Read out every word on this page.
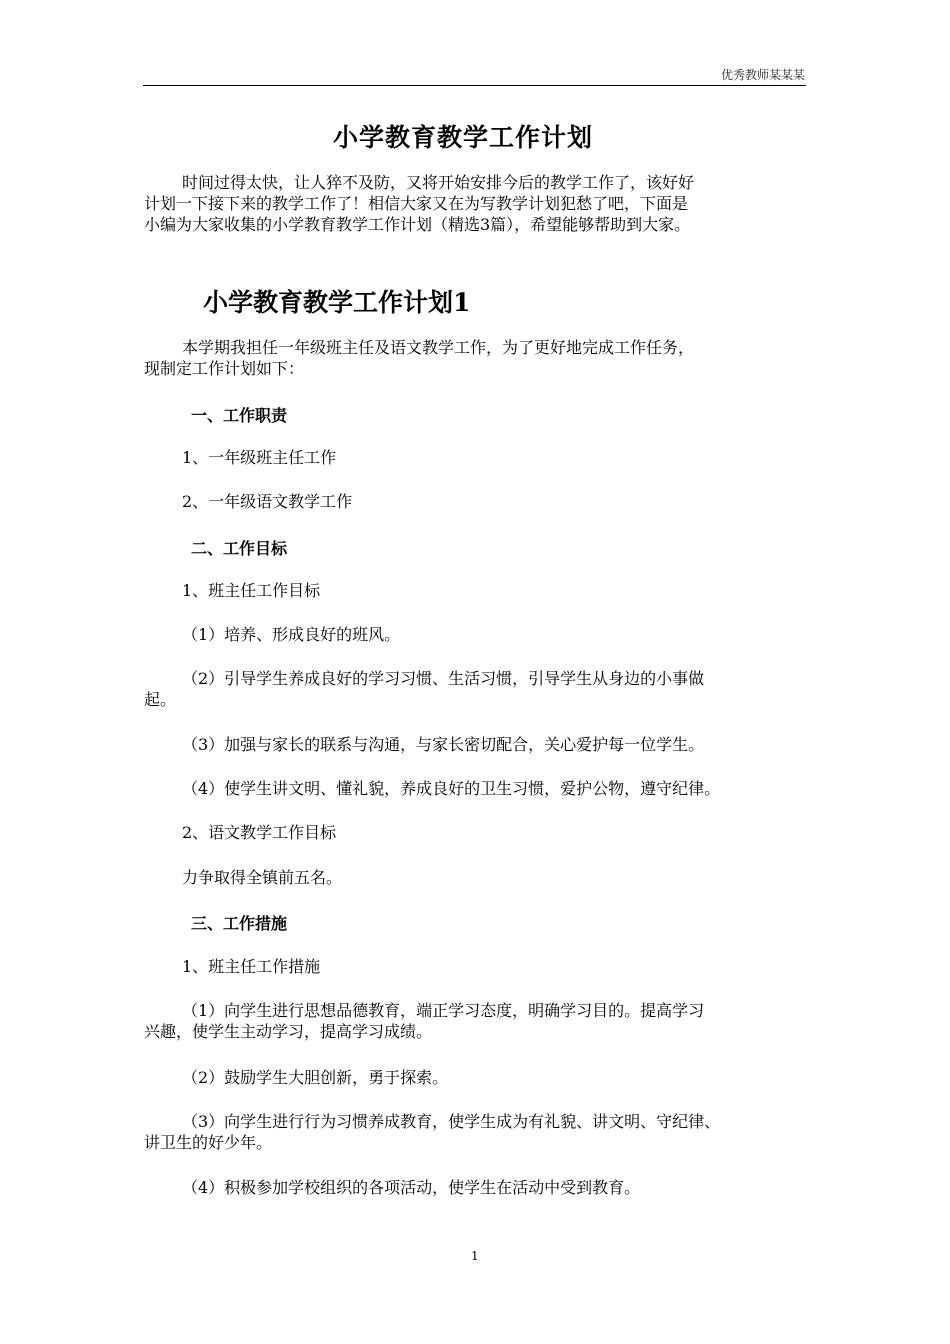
优秀教师某某某
小学教育教学工作计划
时间过得太快，让人猝不及防，又将开始安排今后的教学工作了，该好好
计划一下接下来的教学工作了！相信大家又在为写教学计划犯愁了吧，下面是
小编为大家收集的小学教育教学工作计划（精选3篇），希望能够帮助到大家。
小学教育教学工作计划1
本学期我担任一年级班主任及语文教学工作，为了更好地完成工作任务，
现制定工作计划如下：
一、工作职责
1、一年级班主任工作
2、一年级语文教学工作
二、工作目标
1、班主任工作目标
（1）培养、形成良好的班风。
（2）引导学生养成良好的学习习惯、生活习惯，引导学生从身边的小事做
起。
（3）加强与家长的联系与沟通，与家长密切配合，关心爱护每一位学生。
（4）使学生讲文明、懂礼貌，养成良好的卫生习惯，爱护公物，遵守纪律。
2、语文教学工作目标
力争取得全镇前五名。
三、工作措施
1、班主任工作措施
（1）向学生进行思想品德教育，端正学习态度，明确学习目的。提高学习
兴趣，使学生主动学习，提高学习成绩。
（2）鼓励学生大胆创新，勇于探索。
（3）向学生进行行为习惯养成教育，使学生成为有礼貌、讲文明、守纪律、
讲卫生的好少年。
（4）积极参加学校组织的各项活动，使学生在活动中受到教育。
1
